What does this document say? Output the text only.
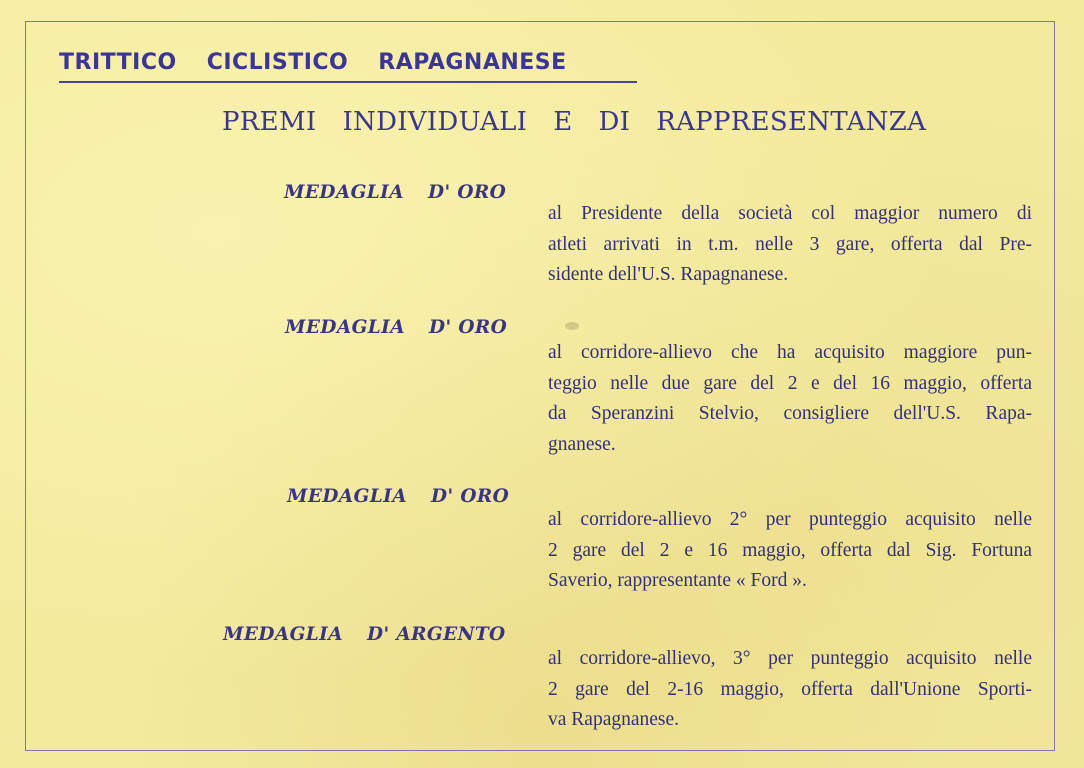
TRITTICO CICLISTICO RAPAGNANESE
PREMI INDIVIDUALI E DI RAPPRESENTANZA
MEDAGLIA D' ORO
al Presidente della società col maggior numero di
atleti arrivati in t.m. nelle 3 gare, offerta dal Pre-
sidente dell'U.S. Rapagnanese.
MEDAGLIA D' ORO
al corridore-allievo che ha acquisito maggiore pun-
teggio nelle due gare del 2 e del 16 maggio, offerta
da Speranzini Stelvio, consigliere dell'U.S. Rapa-
gnanese.
MEDAGLIA D' ORO
al corridore-allievo 2° per punteggio acquisito nelle
2 gare del 2 e 16 maggio, offerta dal Sig. Fortuna
Saverio, rappresentante « Ford ».
MEDAGLIA D' ARGENTO
al corridore-allievo, 3° per punteggio acquisito nelle
2 gare del 2-16 maggio, offerta dall'Unione Sporti-
va Rapagnanese.
